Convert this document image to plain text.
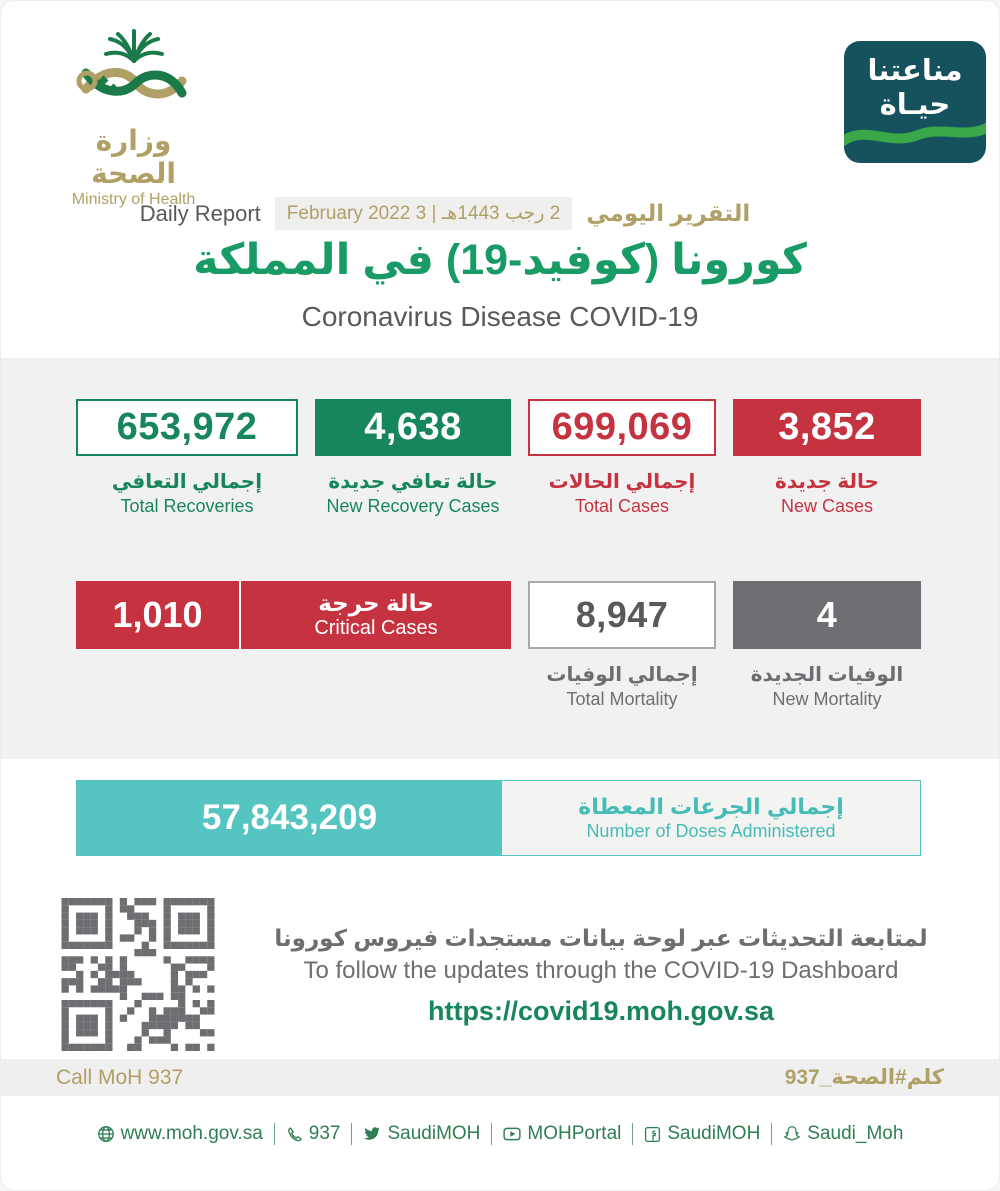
وزارة الصحة
Ministry of Health
مناعتنا
حيـاة
Daily Report	2 رجب 1443هـ | 3 February 2022	التقرير اليومي
كورونا (كوفيد-19) في المملكة
Coronavirus Disease COVID-19
653,972
إجمالي التعافي
Total Recoveries
4,638
حالة تعافي جديدة
New Recovery Cases
699,069
إجمالي الحالات
Total Cases
3,852
حالة جديدة
New Cases
1,010	حالة حرجة
Critical Cases	8,947
إجمالي الوفيات
Total Mortality
4
الوفيات الجديدة
New Mortality
57,843,209	إجمالي الجرعات المعطاة
Number of Doses Administered
لمتابعة التحديثات عبر لوحة بيانات مستجدات فيروس كورونا
To follow the updates through the COVID-19 Dashboard
https://covid19.moh.gov.sa
Call MoH 937	كلم#الصحة_937
www.moh.gov.sa 937 SaudiMOH MOHPortal SaudiMOH Saudi_Moh
